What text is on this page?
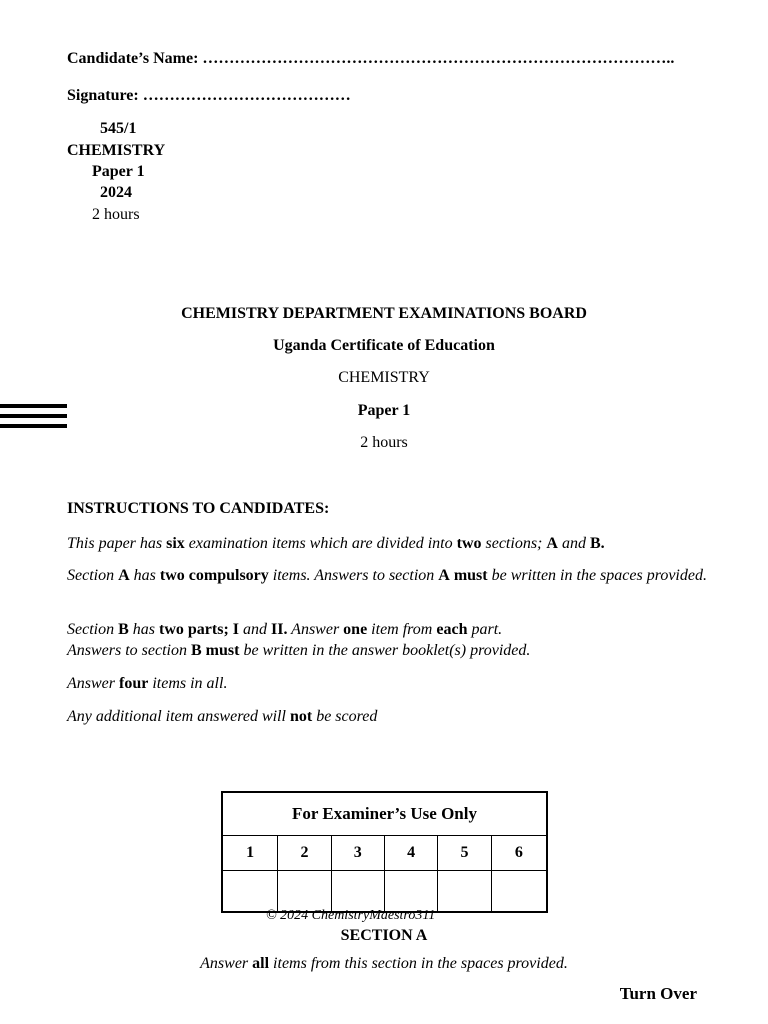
Candidate’s Name: ……………………………………………………………………………..
Signature: …………………………………
545/1
CHEMISTRY
Paper 1
2024
2 hours
CHEMISTRY DEPARTMENT EXAMINATIONS BOARD
Uganda Certificate of Education
CHEMISTRY
Paper 1
2 hours
INSTRUCTIONS TO CANDIDATES:
This paper has six examination items which are divided into two sections; A and B.
Section A has two compulsory items. Answers to section A must be written in the spaces provided.
Section B has two parts; I and II. Answer one item from each part.
Answers to section B must be written in the answer booklet(s) provided.
Answer four items in all.
Any additional item answered will not be scored
For Examiner’s Use Only					
1	2	3	4	5	6

© 2024 ChemistryMaestro311
SECTION A
Answer all items from this section in the spaces provided.
Turn Over
